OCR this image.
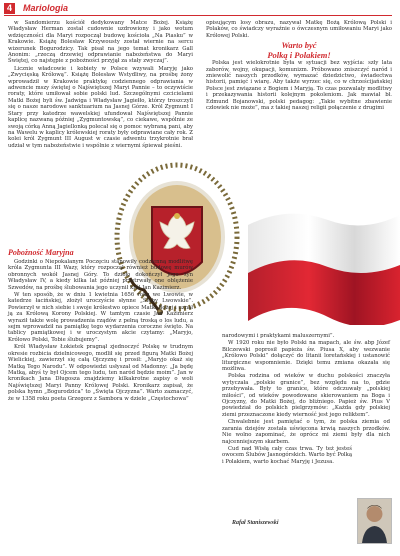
4	Mariologia

w Sandomierzu kościół dedykowany Matce Bożej. Książę Władysław Herman został cudownie uzdrowiony i jako wotum wdzięczności dla Maryi rozpoczął budowę kościoła „Na Piasku” w Krakowie. Książę Bolesław Krzywousty został wiernie na sercu wizerunek Bogurodzicy. Tak pisał na jego temat kronikarz Gall Anonim: „rzeczą drzewiej odprawianie nabożeństwa do Maryi Świętej, co najstępie z pobożności przyjął za stały zwyczaj”.

Licznie władcowie i kobiety w Polsce wzywali Maryję jako „Zwycięską Królową”. Książę Bolesław Wstydliwy, na prośbę żony wprowadził w Krakowie praktykę codziennego odprawiania w adwencie mszy świętej o Najświętszej Maryi Pannie – to oczywiście roraty, które umiłował sobie polski lud. Szczególnymi czcicielami Matki Bożej byli św. Jadwiga i Władysław Jagiełło, którzy troszczyli się o nasze narodowe sanktuarium na Jasnej Górze. Król Zygmunt I Stary przy katedrze wawelskiej ufundował Najświętszej Pannie kaplicę nazwaną później „Zygmuntowską”, co ciekawe, wspólnie ze swoją córką Anną Jagiellonką polecał się o pomoc wybraną pani, aby na Wawelu w kaplicy królewskiej roraty były odprawiane cały rok. Z kolei król Zygmunt III August w czasie adwentu trzykrotnie brał udział w tym nabożeństwie i wspólnie z wiernymi śpiewał pieśni.

Pobożność Maryjna

Godzinki o Niepokalanym Poczęciu stanowiły codzienną modlitwę króla Zygmunta III Wazy, który rozpoczął również budowę murów obronnych wokół Jasnej Góry. To dzieło dokończył jego syn Władysław IV, a kiedy kilka lat później przetrwały one oblężenie Szwedów, na prośbę ślubowania jego uczynił król Jan Kazimierz.

W ten sposób, że w dniu 1 kwietnia 1656 roku we Lwowie, w katedrze łacińskiej, złożył uroczyście słynne „Śluby Lwowskie”. Powierzył w nich siebie i swoje królestwo opiece Matki Bożej i uznał ją za Królową Korony Polskiej. W tamtym czasie Jan Kazimierz wyraził także wolę prowadzenia rządów z pełną troską o los ludu, a sejm wprowadził na pamiątkę tego wydarzenia coroczne święto. Na tablicy pamiątkowej i w uroczystym akcie czytamy: „Maryjo, Królowo Polski, Tobie ślubujemy”.

Król Władysław Łokietek pragnął zjednoczyć Polskę w trudnym okresie rozbicia dzielnicowego, modlił się przed figurą Matki Bożej Wielickiej, zawierzył się całą Ojczyznę i prosił: „Maryjo okaż się Matką Tego Narodu”. W odpowiedzi usłyszał od Madonny: „Ja będę Matką, abyś ty był Ojcem tego ludu, ten naród będzie moim”. Jan w kronikach Jana Długosza znajdziemy kilkakrotne zapisy o woli Najświętszej Maryi Panny Królowej Polski. Kronikarz zapisał, że polska hymn „Bogurodzica” to „Święta Ojczyzna”. Warto zaznaczyć, że w 1358 roku poeta Grzegorz z Sambora w dziele „Częstochowa”

opisującym losy obrazu, nazywał Matkę Bożą Królową Polski i Polaków, co świadczy wyraźnie o ówczesnym umiłowaniu Maryi jako Królowej Polski.

Warto być
Polką i Polakiem!

Polska jest wielokrotnie była w sytuacji bez wyjścia: szły lata zaborów, wojny, okupacji, komunizm. Próbowano zniszczyć naród i zniewolić naszych przodków, wymazać dziedzictwo, świadectwa historii, pamięć i wiarę. Aby także wyrzec się, co w chrześcijańskiej Polsce jest związane z Bogiem i Maryją. To czas pozwalały modlitwy i przekazywania historii kolejnym pokoleniom. Jak mawiał bł. Edmund Bojanowski, polski pedagog: „Takie wybitne zbawienie człowiek nie może”, ma z takiej naszej religii połączenie z drugimi

narodowymi i praktykami maluszernymi”.

W 1920 roku nie było Polski na mapach, ale św. abp Józef Bilczewski poprosił papieża św. Piusa X, aby wezwanie „Królowo Polski” dołączyć do litanii loretańskiej i ustanowić liturgiczne wspomnienie. Dzięki temu zmiana okazała się możliwa.

Polska rodzina od wieków w duchu polskości znaczyła wytyczała „polskie granice”, bez względu na to, gdzie przebywała. Były to granice, które odczuwały „polskiej miłości”, od wieków powodowane skierowaniem na Boga i Ojczyzny, do Matki Bożej, do bliźniego. Papież św. Pius V powiedział do polskich pielgrzymów: „Każda gdy polskiej ziemi przeznaczone kiedy wierność jest jego reliktem”.

Chwalebnie jest pamiętać o tym, że polska ziemia od zarania dziejów została uświęcona krwią naszych przodków. Nie wolno zapominać, że oprócz mi ziemi były dla nich najcenniejszym skarbem.

Cud nad Wisłą cały czas trwa. Ty też jesteś owocem Ślubów Jasnogórskich. Warto być Polką i Polakiem, warto kochać Maryję i Jezusa.

Rafał Staniszewski
